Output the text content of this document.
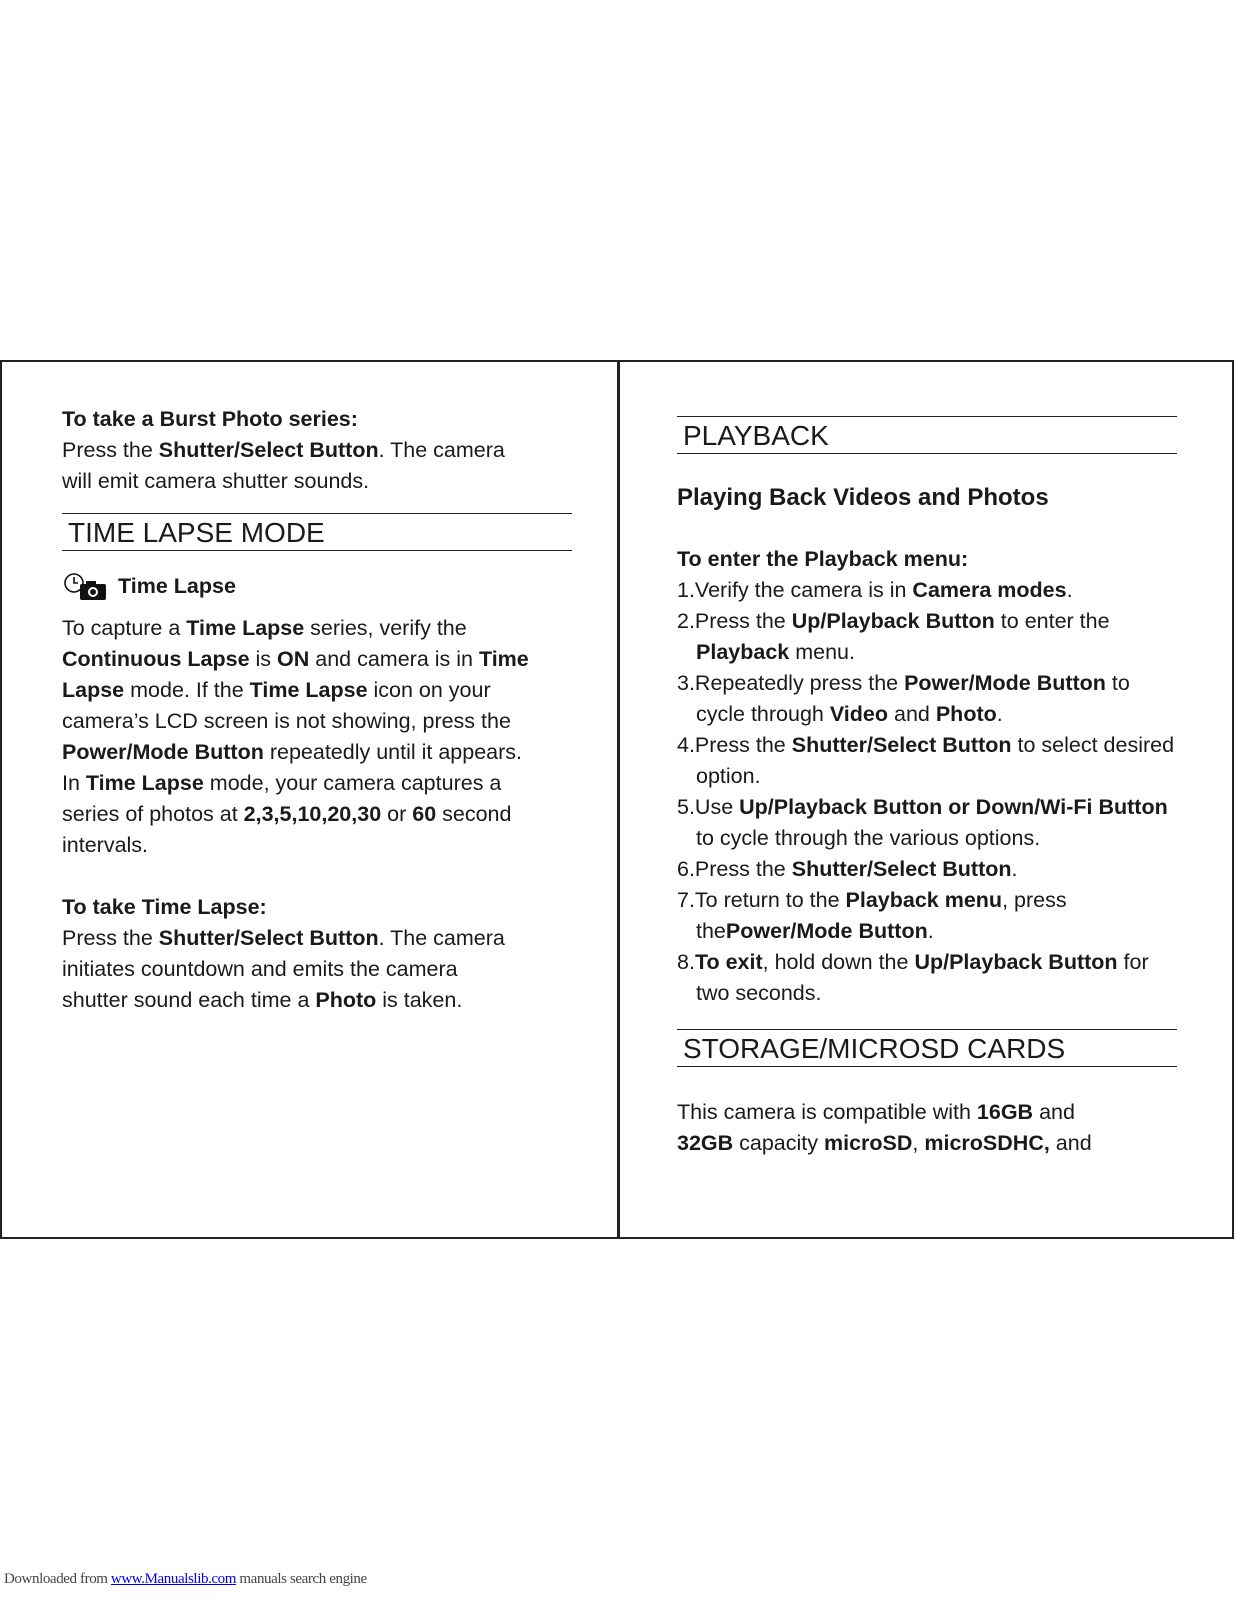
To take a Burst Photo series:

Press the Shutter/Select Button. The camera

will emit camera shutter sounds.

TIME LAPSE MODE
Time Lapse

To capture a Time Lapse series, verify the

Continuous Lapse is ON and camera is in Time

Lapse mode. If the Time Lapse icon on your

camera’s LCD screen is not showing, press the

Power/Mode Button repeatedly until it appears.

In Time Lapse mode, your camera captures a

series of photos at 2,3,5,10,20,30 or 60 second

intervals.

To take Time Lapse:

Press the Shutter/Select Button. The camera

initiates countdown and emits the camera

shutter sound each time a Photo is taken.

PLAYBACK
Playing Back Videos and Photos

To enter the Playback menu:

1.Verify the camera is in Camera modes.
2.Press the Up/Playback Button to enter the Playback menu.
3.Repeatedly press the Power/Mode Button to cycle through Video and Photo.
4.Press the Shutter/Select Button to select desired option.
5.Use Up/Playback Button or Down/Wi-Fi Button to cycle through the various options.
6.Press the Shutter/Select Button.
7.To return to the Playback menu, press thePower/Mode Button.
8.To exit, hold down the Up/Playback Button for two seconds.
STORAGE/MICROSD CARDS

This camera is compatible with 16GB and

32GB capacity microSD, microSDHC, and

Downloaded from www.Manualslib.com manuals search engine
